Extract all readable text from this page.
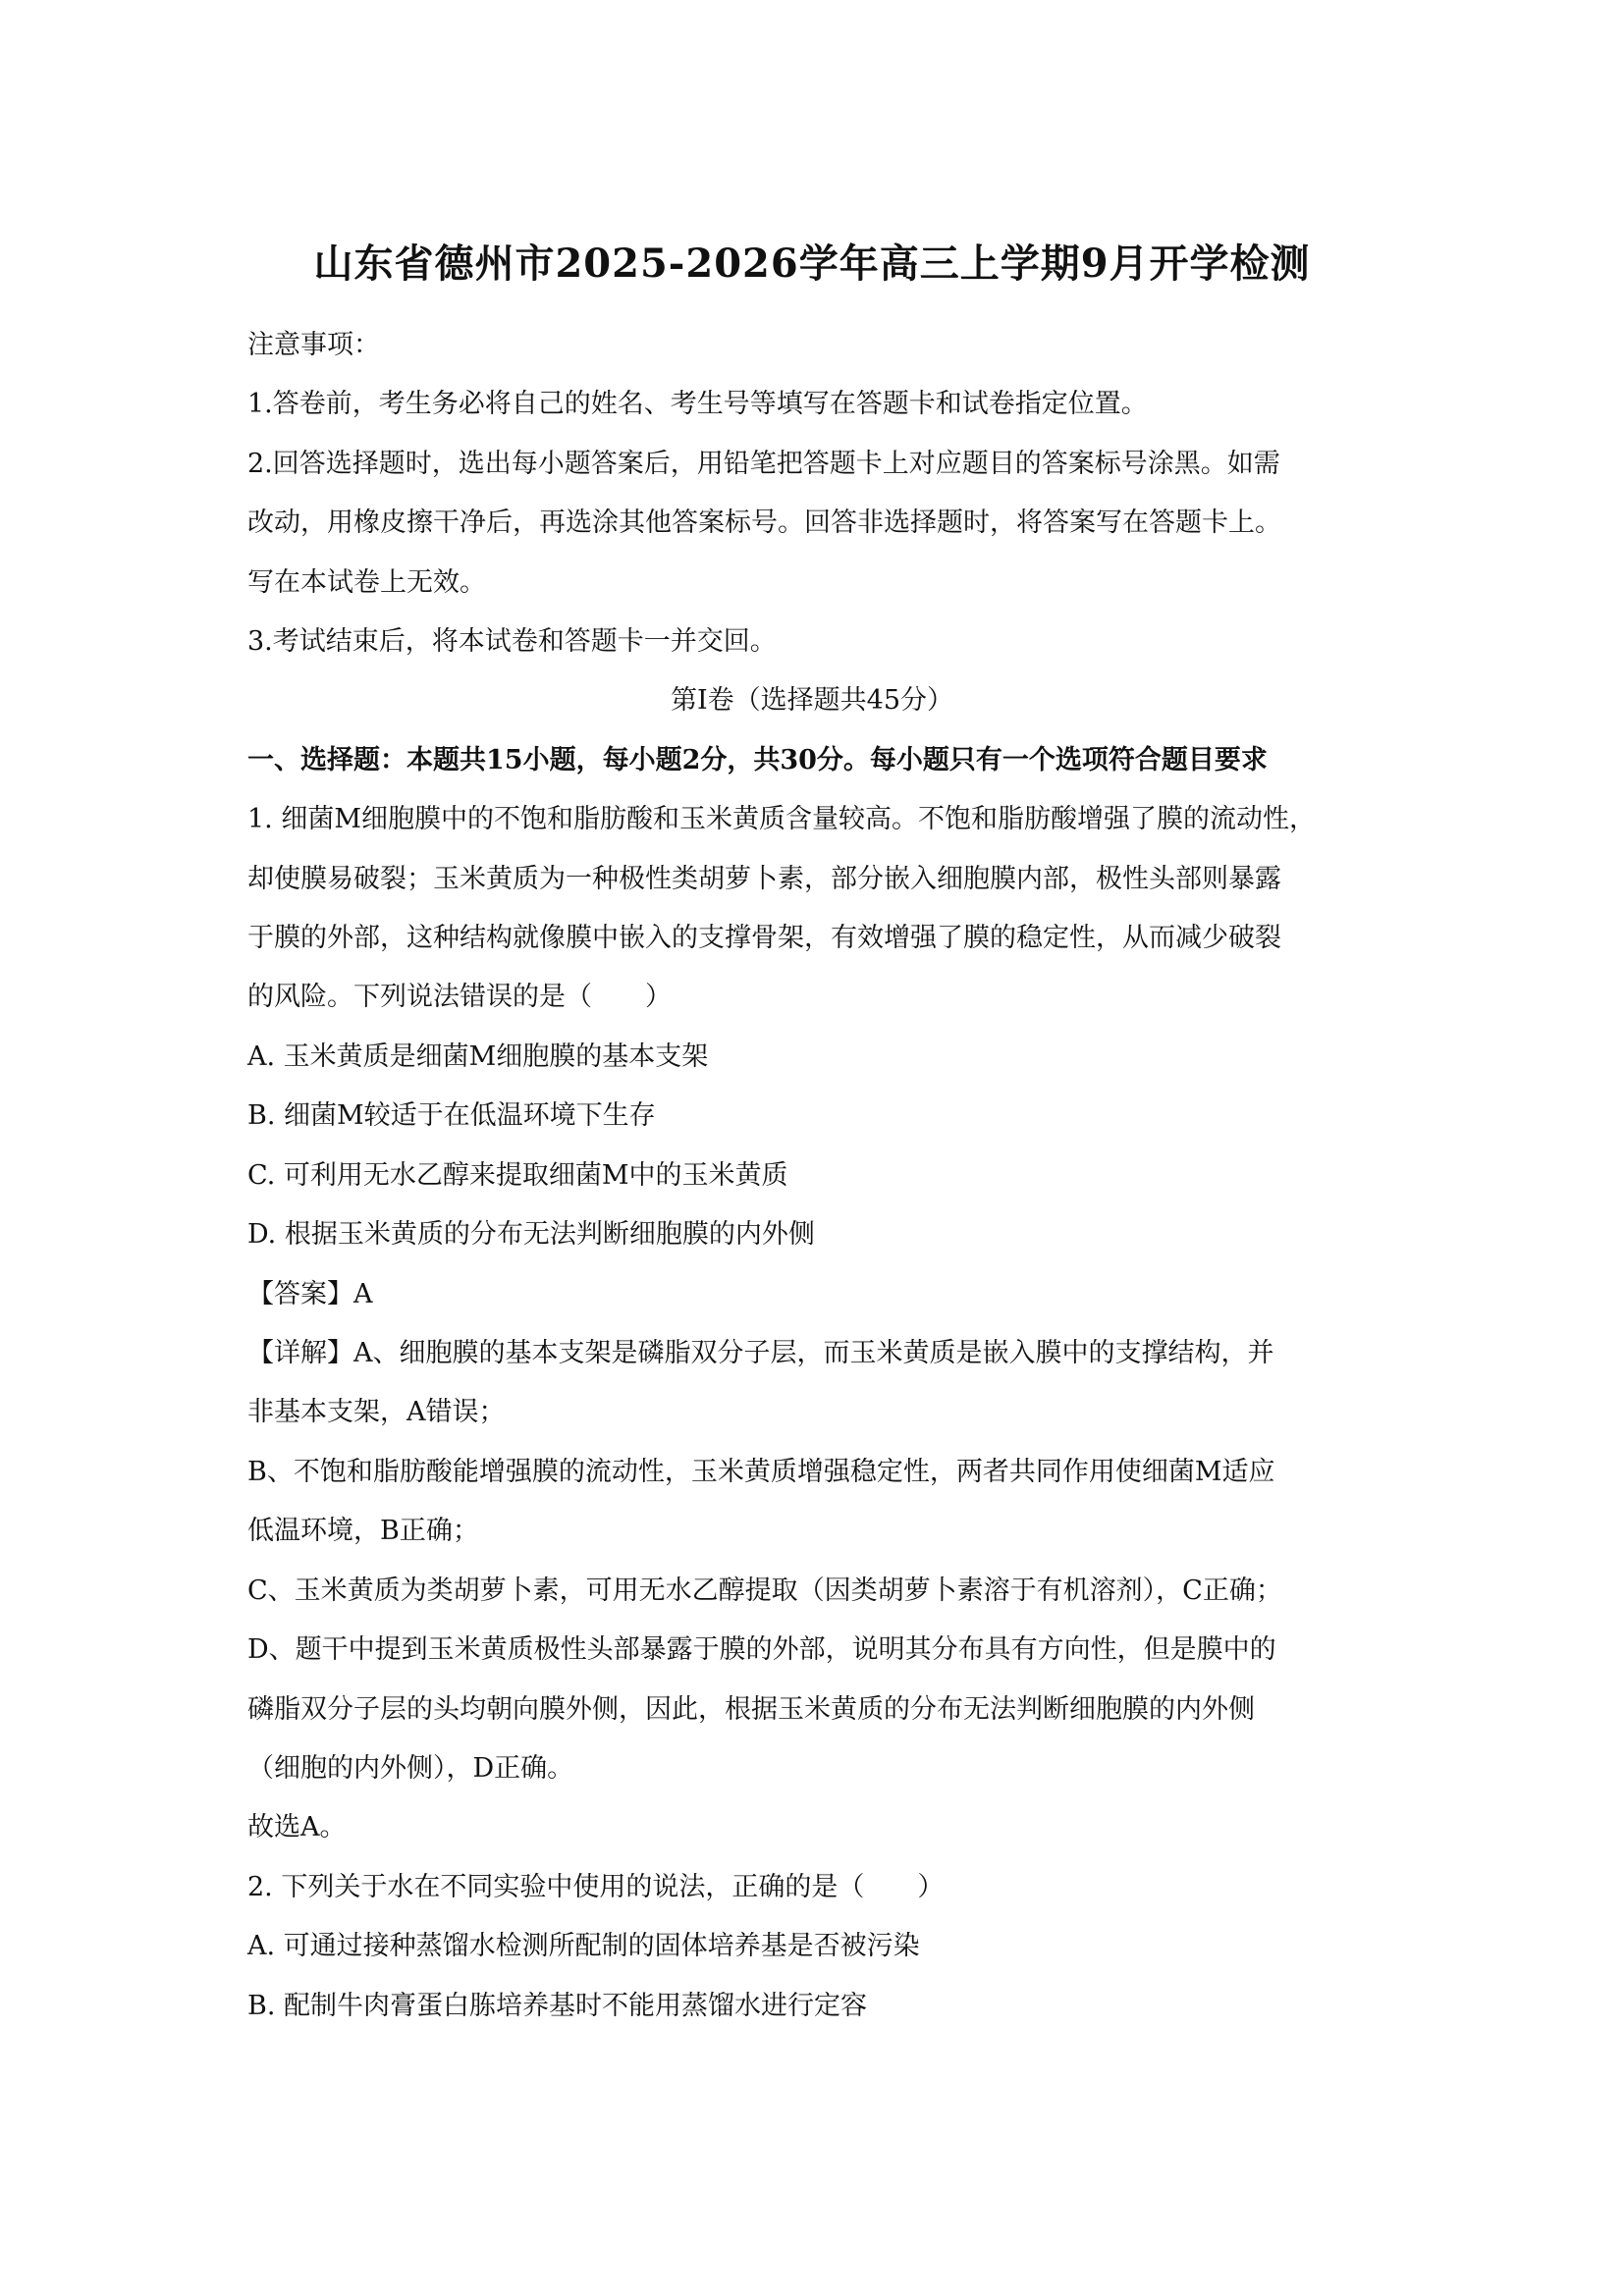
山东省德州市2025-2026学年高三上学期9月开学检测
注意事项：
1.答卷前，考生务必将自己的姓名、考生号等填写在答题卡和试卷指定位置。
2.回答选择题时，选出每小题答案后，用铅笔把答题卡上对应题目的答案标号涂黑。如需
改动，用橡皮擦干净后，再选涂其他答案标号。回答非选择题时，将答案写在答题卡上。
写在本试卷上无效。
3.考试结束后，将本试卷和答题卡一并交回。
第Ⅰ卷（选择题共45分）
一、选择题：本题共15小题，每小题2分，共30分。每小题只有一个选项符合题目要求
1. 细菌M细胞膜中的不饱和脂肪酸和玉米黄质含量较高。不饱和脂肪酸增强了膜的流动性，
却使膜易破裂；玉米黄质为一种极性类胡萝卜素，部分嵌入细胞膜内部，极性头部则暴露
于膜的外部，这种结构就像膜中嵌入的支撑骨架，有效增强了膜的稳定性，从而减少破裂
的风险。下列说法错误的是（　　）
A. 玉米黄质是细菌M细胞膜的基本支架
B. 细菌M较适于在低温环境下生存
C. 可利用无水乙醇来提取细菌M中的玉米黄质
D. 根据玉米黄质的分布无法判断细胞膜的内外侧
【答案】A
【详解】A、细胞膜的基本支架是磷脂双分子层，而玉米黄质是嵌入膜中的支撑结构，并
非基本支架，A错误；
B、不饱和脂肪酸能增强膜的流动性，玉米黄质增强稳定性，两者共同作用使细菌M适应
低温环境，B正确；
C、玉米黄质为类胡萝卜素，可用无水乙醇提取（因类胡萝卜素溶于有机溶剂），C正确；
D、题干中提到玉米黄质极性头部暴露于膜的外部，说明其分布具有方向性，但是膜中的
磷脂双分子层的头均朝向膜外侧，因此，根据玉米黄质的分布无法判断细胞膜的内外侧
（细胞的内外侧），D正确。
故选A。
2. 下列关于水在不同实验中使用的说法，正确的是（　　）
A. 可通过接种蒸馏水检测所配制的固体培养基是否被污染
B. 配制牛肉膏蛋白胨培养基时不能用蒸馏水进行定容
